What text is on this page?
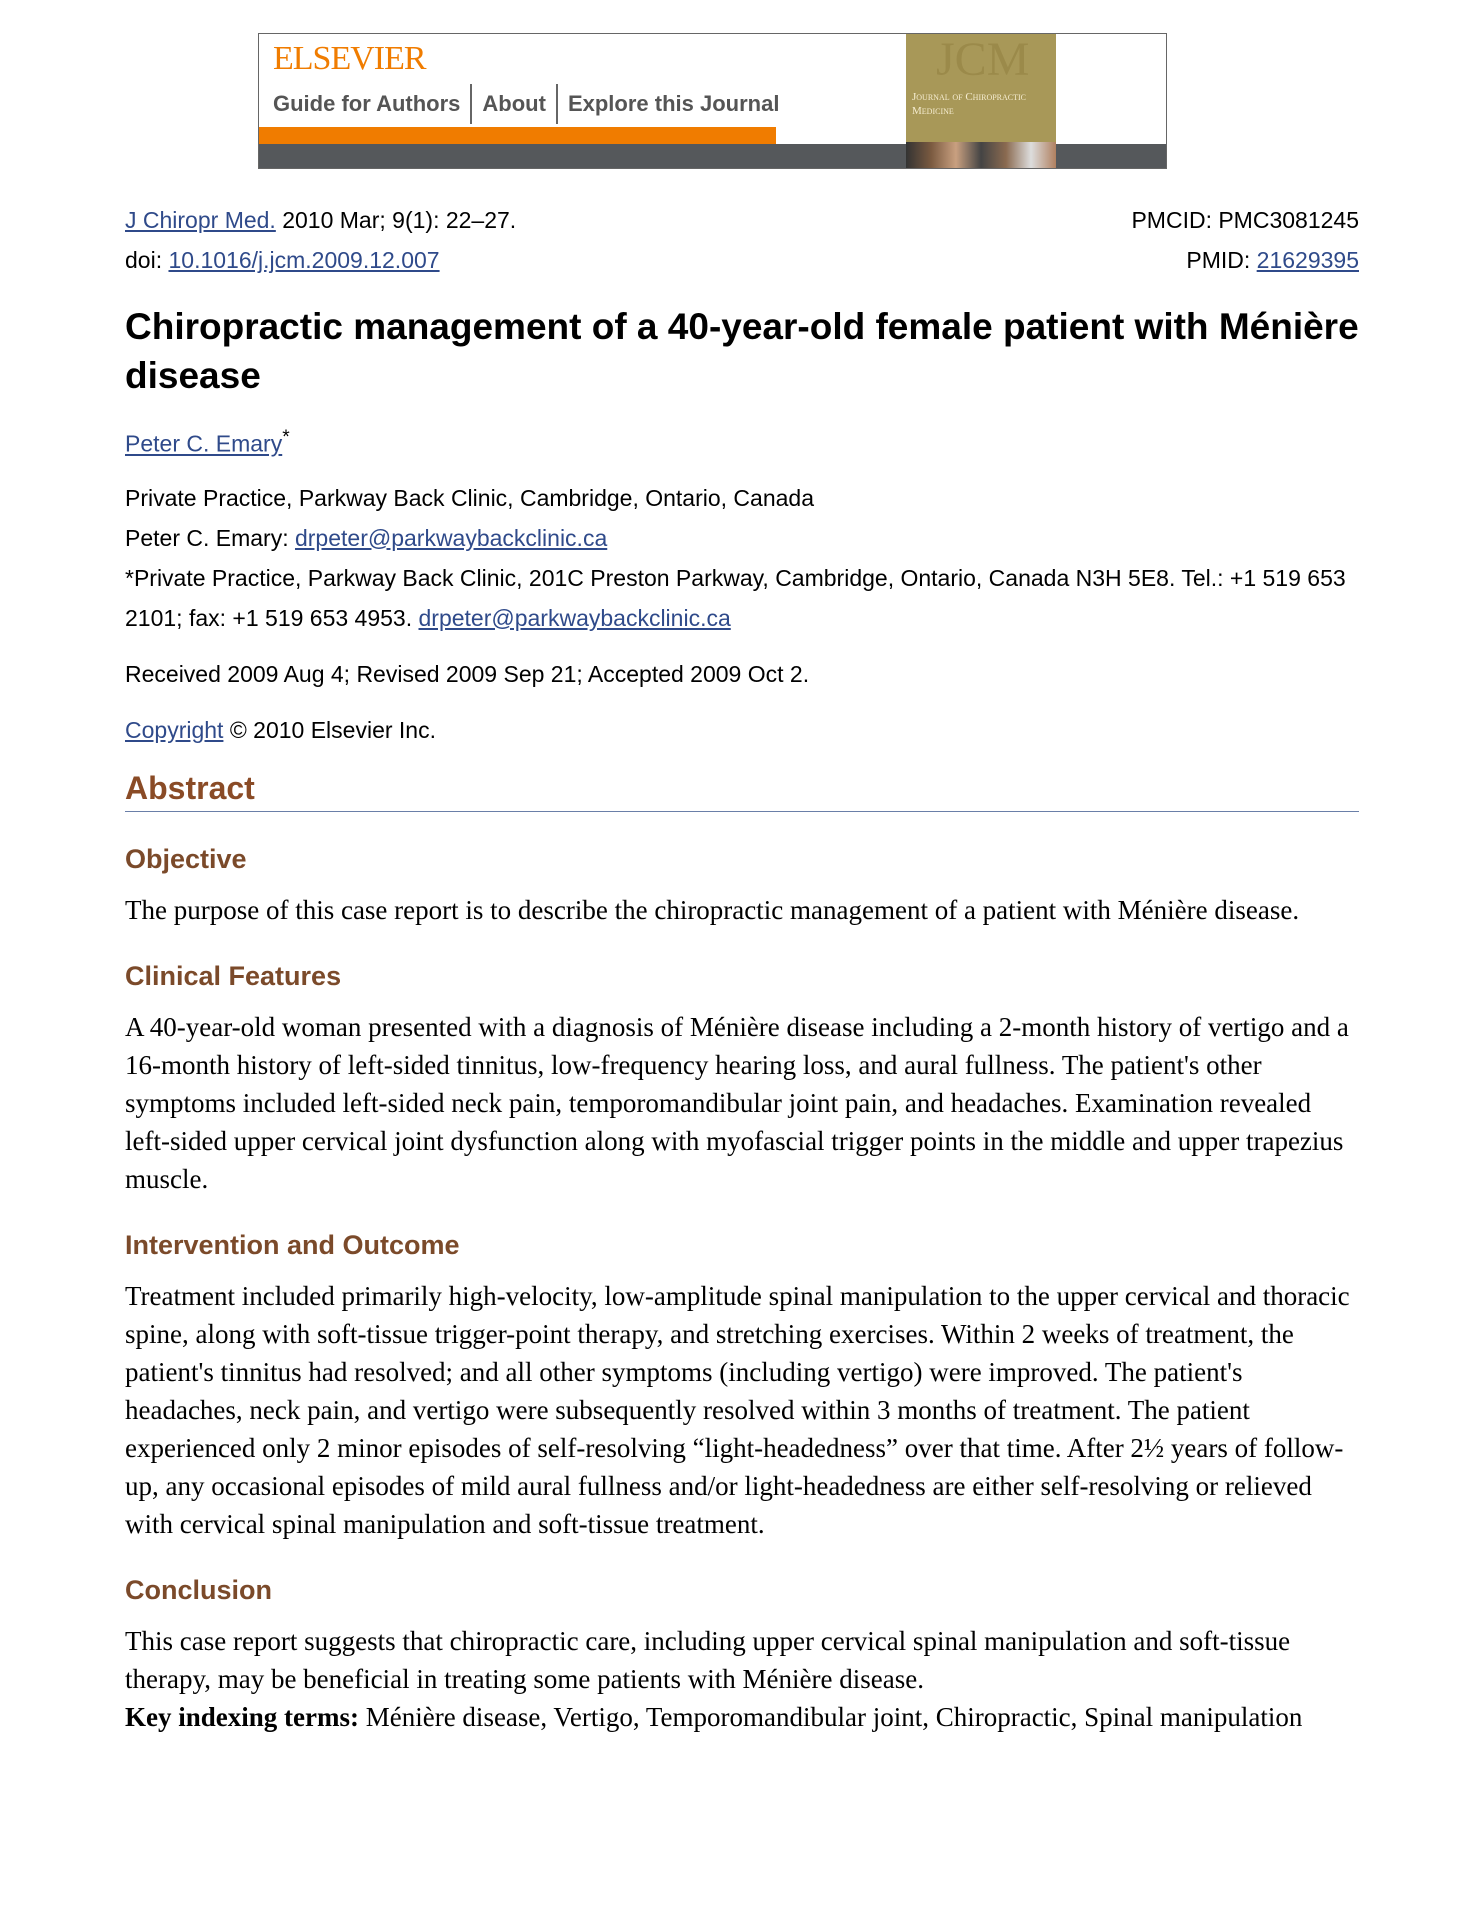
ELSEVIER
Guide for Authors	About	Explore this Journal
JCM
Journal of Chiropractic Medicine
J Chiropr Med. 2010 Mar; 9(1): 22–27.	PMCID: PMC3081245
doi: 10.1016/j.jcm.2009.12.007	PMID: 21629395
Chiropractic management of a 40-year-old female patient with Ménière disease
Peter C. Emary*
Private Practice, Parkway Back Clinic, Cambridge, Ontario, Canada
Peter C. Emary: drpeter@parkwaybackclinic.ca
*Private Practice, Parkway Back Clinic, 201C Preston Parkway, Cambridge, Ontario, Canada N3H 5E8. Tel.: +1 519 653 2101; fax: +1 519 653 4953. drpeter@parkwaybackclinic.ca
Received 2009 Aug 4; Revised 2009 Sep 21; Accepted 2009 Oct 2.
Copyright © 2010 Elsevier Inc.
Abstract
Objective

The purpose of this case report is to describe the chiropractic management of a patient with Ménière disease.

Clinical Features

A 40-year-old woman presented with a diagnosis of Ménière disease including a 2-month history of vertigo and a 16-month history of left-sided tinnitus, low-frequency hearing loss, and aural fullness. The patient's other symptoms included left-sided neck pain, temporomandibular joint pain, and headaches. Examination revealed left-sided upper cervical joint dysfunction along with myofascial trigger points in the middle and upper trapezius muscle.

Intervention and Outcome

Treatment included primarily high-velocity, low-amplitude spinal manipulation to the upper cervical and thoracic spine, along with soft-tissue trigger-point therapy, and stretching exercises. Within 2 weeks of treatment, the patient's tinnitus had resolved; and all other symptoms (including vertigo) were improved. The patient's headaches, neck pain, and vertigo were subsequently resolved within 3 months of treatment. The patient experienced only 2 minor episodes of self-resolving “light-headedness” over that time. After 2½ years of follow-up, any occasional episodes of mild aural fullness and/or light-headedness are either self-resolving or relieved with cervical spinal manipulation and soft-tissue treatment.

Conclusion

This case report suggests that chiropractic care, including upper cervical spinal manipulation and soft-tissue therapy, may be beneficial in treating some patients with Ménière disease.

Key indexing terms: Ménière disease, Vertigo, Temporomandibular joint, Chiropractic, Spinal manipulation
